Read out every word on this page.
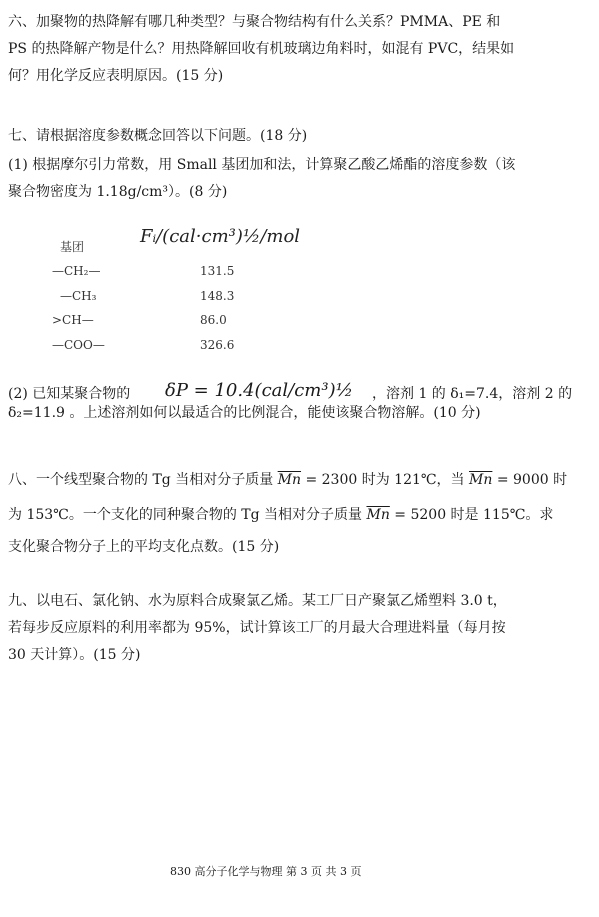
六、加聚物的热降解有哪几种类型？与聚合物结构有什么关系？PMMA、PE 和
PS 的热降解产物是什么？用热降解回收有机玻璃边角料时，如混有 PVC，结果如
何？用化学反应表明原因。(15 分)
七、请根据溶度参数概念回答以下问题。(18 分)
(1) 根据摩尔引力常数，用 Small 基团加和法，计算聚乙酸乙烯酯的溶度参数（该
聚合物密度为 1.18g/cm³）。(8 分)
基团	Fᵢ/(cal·cm³)½/mol
—CH₂—	131.5
—CH₃	148.3
>CH—	86.0
—COO—	326.6
(2) 已知某聚合物的 δP = 10.4(cal/cm³)½ ，溶剂 1 的 δ₁=7.4，溶剂 2 的
δ₂=11.9 。上述溶剂如何以最适合的比例混合，能使该聚合物溶解。(10 分)
八、一个线型聚合物的 Tg 当相对分子质量 $\overline{Mn} = 2300$ 时为 121℃，当 $\overline{Mn} = 9000$ 时
为 153℃。一个支化的同种聚合物的 Tg 当相对分子质量 $\overline{Mn} = 5200$ 时是 115℃。求
支化聚合物分子上的平均支化点数。(15 分)
九、以电石、氯化钠、水为原料合成聚氯乙烯。某工厂日产聚氯乙烯塑料 3.0 t，
若每步反应原料的利用率都为 95%，试计算该工厂的月最大合理进料量（每月按
30 天计算）。(15 分)
830 高分子化学与物理 第 3 页 共 3 页
